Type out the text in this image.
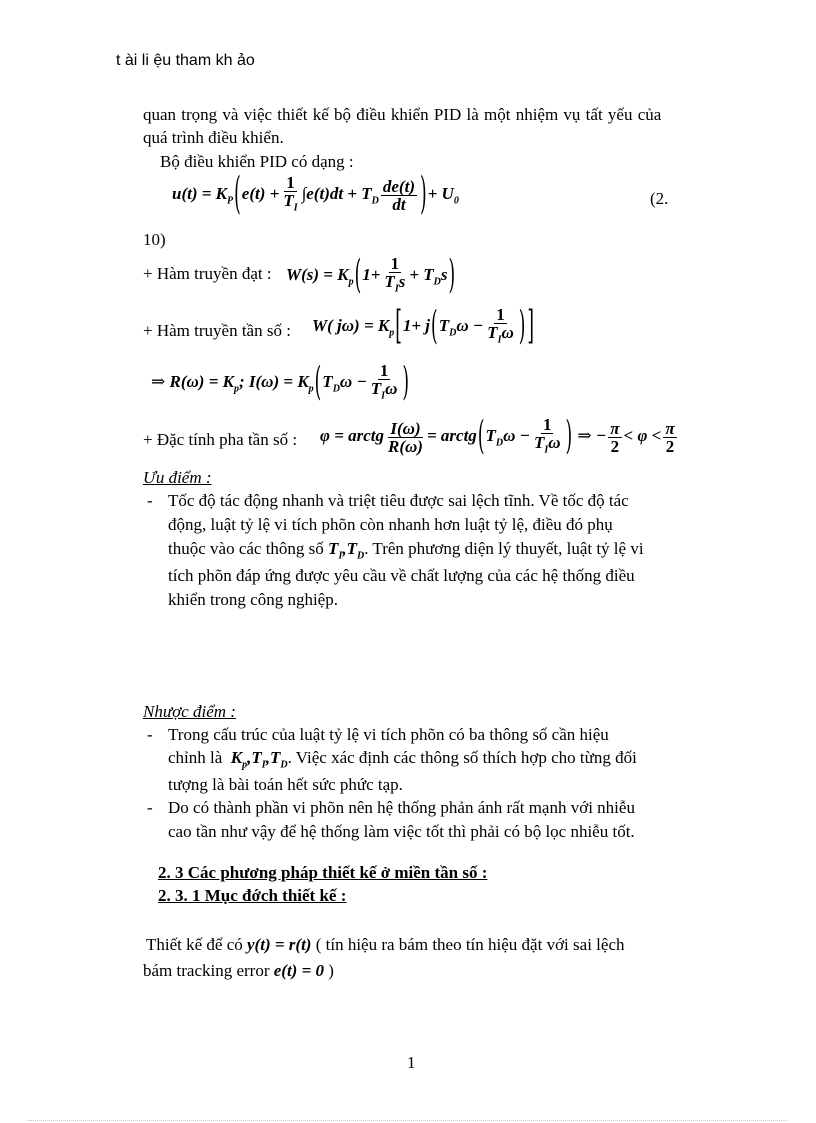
t ài li ệu tham kh ảo
quan trọng và việc thiết kế bộ điều khiển PID là một nhiệm vụ tất yếu của
quá trình điều khiển.
Bộ điều khiển PID có dạng :
$u(t) = K_P(e(t) + \frac{1}{T_I} \int e(t)dt + T_D \frac{de(t)}{dt}$ )+ $U_0$	(2.
10)
+ Hàm truyền đạt : $W(s) = K_p(1+ \frac{1}{T_Is} + T_Ds)$
+ Hàm truyền tần số : W( $j\omega) = K_p[1+ j(T_D\omega - \frac{1}{T_I\omega}$ ) ]
⇒ $R(\omega) = K_p$; $I(\omega) = K_p(T_D\omega - \frac{1}{T_I\omega}$ )
+ Đặc tính pha tần số : φ = arctg $\frac{I(\omega)}{R(\omega)}$ = $arctg(T_D\omega - \frac{1}{T_I\omega}$ ) ⇒ − $\frac{\pi}{2} < \varphi < \frac{\pi}{2}$
Ưu điểm :
- Tốc độ tác động nhanh và triệt tiêu được sai lệch tĩnh. Về tốc độ tác
động, luật tỷ lệ vi tích phõn còn nhanh hơn luật tỷ lệ, điều đó phụ
thuộc vào các thông số $T_I,T_D$. Trên phương diện lý thuyết, luật tỷ lệ vi
tích phõn đáp ứng được yêu cầu về chất lượng của các hệ thống điều
khiển trong công nghiệp.
Nhược điểm :
- Trong cấu trúc của luật tỷ lệ vi tích phõn có ba thông số cần hiệu
chỉnh là  $K_p,T_I,T_D$. Việc xác định các thông số thích hợp cho từng đối
tượng là bài toán hết sức phức tạp.
- Do có thành phần vi phõn nên hệ thống phản ánh rất mạnh với nhiễu
cao tần như vậy để hệ thống làm việc tốt thì phải có bộ lọc nhiễu tốt.
2. 3 Các phương pháp thiết kế ở miền tần số :
2. 3. 1 Mục đớch thiết kế :
Thiết kế để có y(t) = r(t) ( tín hiệu ra bám theo tín hiệu đặt với sai lệch
bám tracking error e(t) = 0 )
1
